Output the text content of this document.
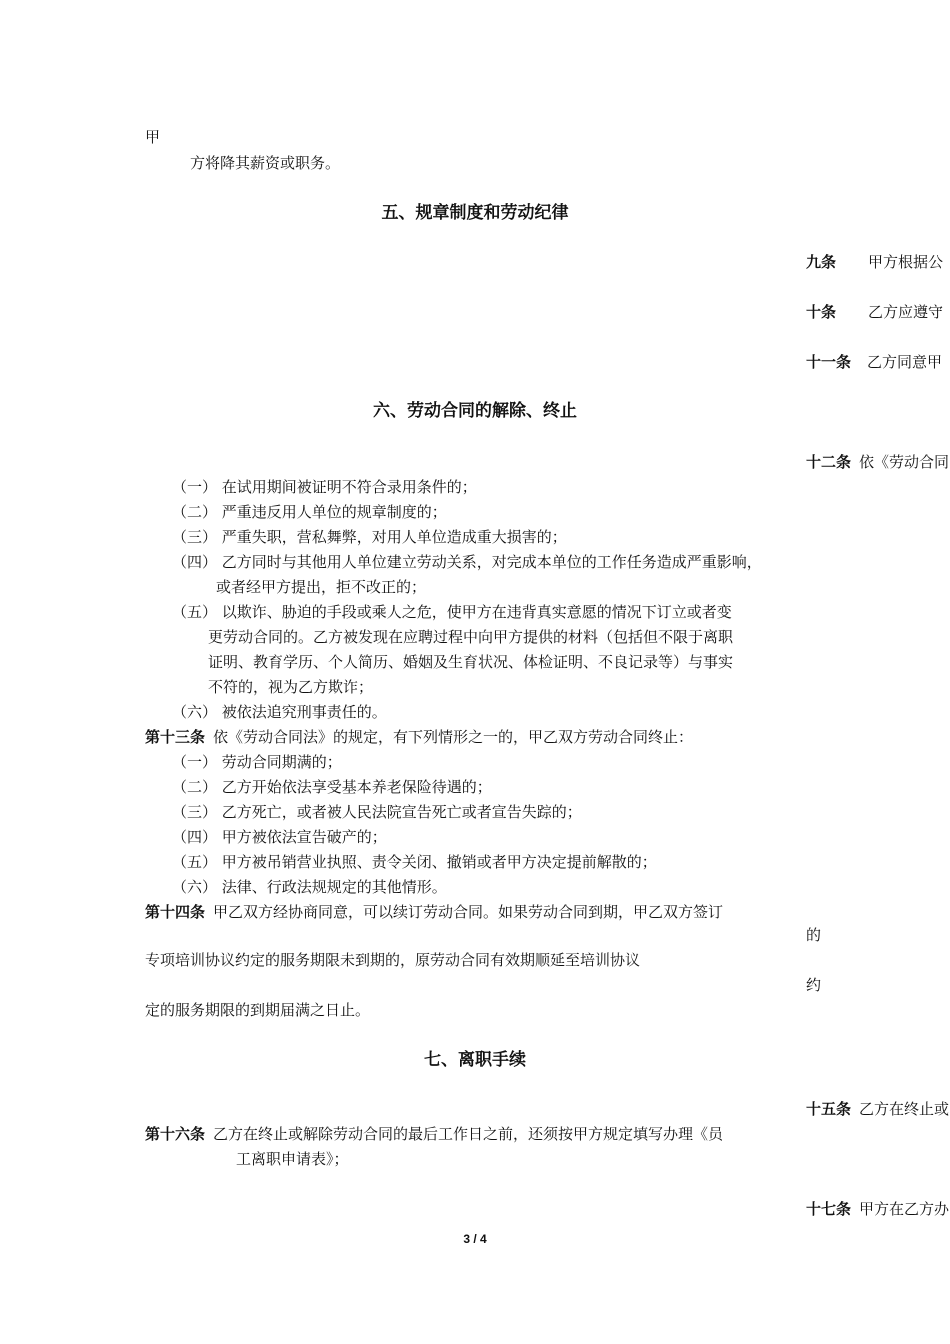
甲
方将降其薪资或职务。
五、规章制度和劳动纪律
九条 甲方根据公
十条 乙方应遵守
十一条 乙方同意甲
六、劳动合同的解除、终止
十二条 依《劳动合同
（一） 在试用期间被证明不符合录用条件的；
（二） 严重违反用人单位的规章制度的；
（三） 严重失职，营私舞弊，对用人单位造成重大损害的；
（四） 乙方同时与其他用人单位建立劳动关系，对完成本单位的工作任务造成严重影响，
或者经甲方提出，拒不改正的；
（五） 以欺诈、胁迫的手段或乘人之危，使甲方在违背真实意愿的情况下订立或者变
更劳动合同的。乙方被发现在应聘过程中向甲方提供的材料（包括但不限于离职
证明、教育学历、个人简历、婚姻及生育状况、体检证明、不良记录等）与事实
不符的，视为乙方欺诈；
（六） 被依法追究刑事责任的。
第十三条 依《劳动合同法》的规定，有下列情形之一的，甲乙双方劳动合同终止：
（一） 劳动合同期满的；
（二） 乙方开始依法享受基本养老保险待遇的；
（三） 乙方死亡，或者被人民法院宣告死亡或者宣告失踪的；
（四） 甲方被依法宣告破产的；
（五） 甲方被吊销营业执照、责令关闭、撤销或者甲方决定提前解散的；
（六） 法律、行政法规规定的其他情形。
第十四条 甲乙双方经协商同意，可以续订劳动合同。如果劳动合同到期，甲乙双方签订
的
专项培训协议约定的服务期限未到期的，原劳动合同有效期顺延至培训协议
约
定的服务期限的到期届满之日止。
七、离职手续
十五条 乙方在终止或
第十六条 乙方在终止或解除劳动合同的最后工作日之前，还须按甲方规定填写办理《员
工离职申请表》；
十七条 甲方在乙方办
3 / 4
